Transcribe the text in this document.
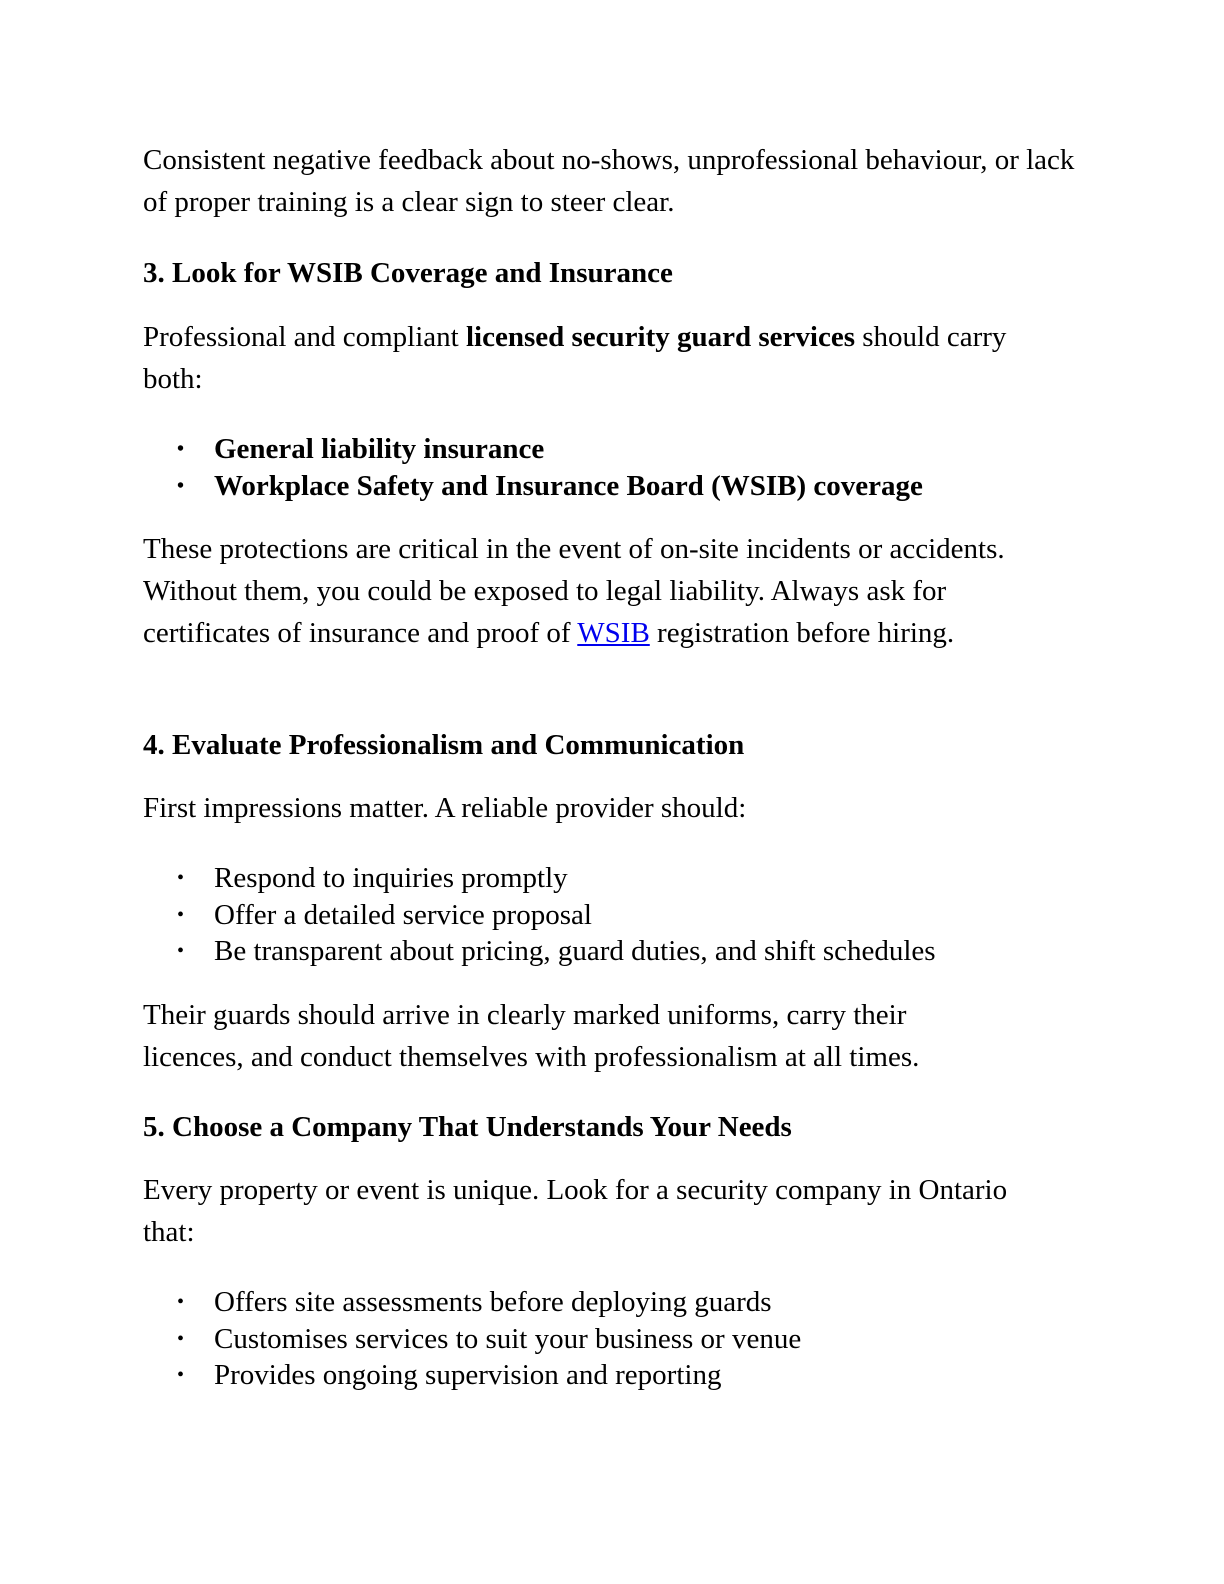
Consistent negative feedback about no-shows, unprofessional behaviour, or lack of proper training is a clear sign to steer clear.
3. Look for WSIB Coverage and Insurance
Professional and compliant licensed security guard services should carry both:
• General liability insurance
• Workplace Safety and Insurance Board (WSIB) coverage
These protections are critical in the event of on-site incidents or accidents. Without them, you could be exposed to legal liability. Always ask for certificates of insurance and proof of WSIB registration before hiring.
4. Evaluate Professionalism and Communication
First impressions matter. A reliable provider should:
• Respond to inquiries promptly
• Offer a detailed service proposal
• Be transparent about pricing, guard duties, and shift schedules
Their guards should arrive in clearly marked uniforms, carry their licences, and conduct themselves with professionalism at all times.
5. Choose a Company That Understands Your Needs
Every property or event is unique. Look for a security company in Ontario that:
• Offers site assessments before deploying guards
• Customises services to suit your business or venue
• Provides ongoing supervision and reporting
